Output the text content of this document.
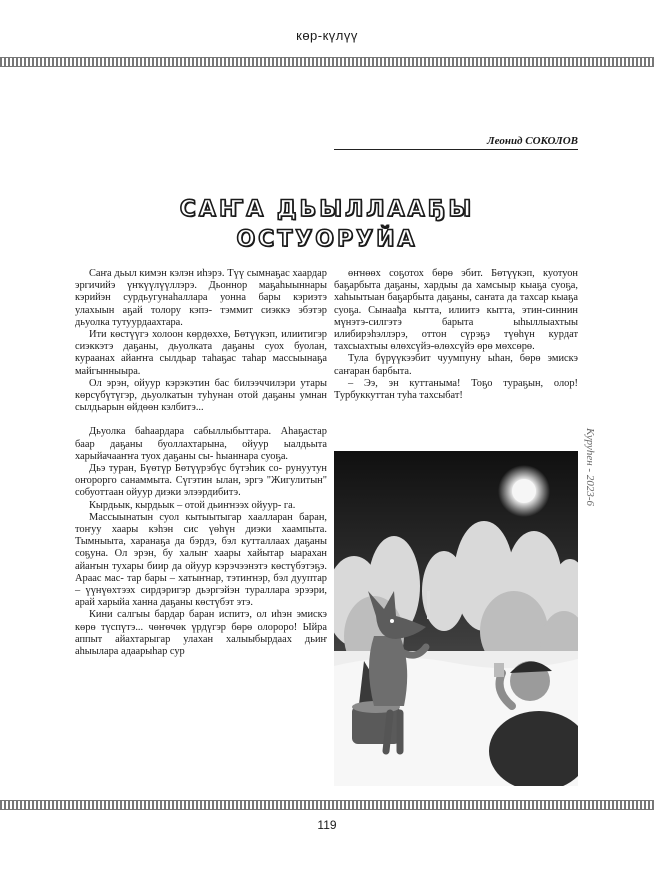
көр-күлүү
Леонид СОКОЛОВ
САҤА ДЬЫЛЛААҔЫ
ОСТУОРУЙА

Саҥа дьыл кимэн кэлэн иһэрэ. Түү сымнаҕас хаардар эргичийэ үҥкүүлүүллэрэ. Дьоннор маҕаһыыннары кэрийэн сурдьугунаһаллара уонна бары кэриэтэ улахыын аҕай толору кэпэ- тэммит сиэккэ эбэтэр дьуолка тутуурдаахтара.

Ити көстүүгэ холоон көрдөххө, Бөтүүкэп, илиитигэр сиэккэтэ даҕаны, дьуолката даҕаны суох буолан, кураанах айаҥҥа сылдьар таһаҕас таһар массыынаҕа майгынныыра.

Ол эрэн, ойуур кэрэкэтин бас билээччилэри утары көрсүбүтүгэр, дьуолкатын туһунан отой даҕаны умнан сылдьарын өйдөөн кэлбитэ...

Дьуолка баһаардара сабыллыбыттара. Аһаҕастар баар даҕаны буоллахтарына, ойуур ыалдьыта харыйачааҥҥа туох даҕаны сы- һыаннара суоҕа.

Дьэ туран, Бүөтүр Бөтүүрэбүс бүтэһик со- рунуутун оҥорорго санаммыта. Сүгэтин ылан, эргэ "Жигулитын" собуоттаан ойуур диэки элээрдибитэ.

Кырдьык, кырдьык – отой дьиҥнээх ойуур- га.

Массыынатын суол кытыытыгар хаалларан баран, тоҥуу хаары кэһэн сис үөһүн диэки хаампыта. Тымныыта, харанаҕа да бэрдэ, бэл кутталлаах даҕаны соҕуна. Ол эрэн, бу халыҥ хаары хайытар ыарахан айаҥын тухары бииp да ойуур кэрэчээнэтэ көстүбэтэҕэ. Араас мас- тар бары – хатыҥнар, тэтиҥнэр, бэл дууптар – үүнүөхтээх сирдэригэр дьэргэйэн тураллара эрээри, арай харыйа ханна даҕаны көстүбэт этэ.

Кини салгыы бардар баран испитэ, ол иһэн эмискэ көрө түспүтэ... чөҥөчөк үрдүгэр бөрө олороро! Ыйра аппыт айахтарыгар улахан халыыбырдаах дьиҥ аһыылара адаарыһар сур

өҥнөөх соҕотох бөрө эбит. Бөтүүкэп, куотуон баҕарбыта даҕаны, хардыы да хамсыыр кыаҕа суоҕа, хаһыытыан баҕарбыта даҕаны, саҥата да тахсар кыаҕа суоҕа. Сынаађа кытта, илиитэ кытта, этин-синнин мүнэтэ-силгэтэ барыта ыһыллыахтыы илибирэһэллэрэ, оттон сүрэҕэ түөһүн курдат тахсыахтыы өлөхсүйэ-өлөхсүйэ өрө мөхсөрө.

Тула бүрүүкээбит чуумпуну ыһан, бөрө эмискэ саҥаран барбыта.

– Ээ, эн куттаныма! Тоҕо тураҕын, олор! Турбуккуттан туһа тахсыбат!

Куруһен - 2023-6
119
